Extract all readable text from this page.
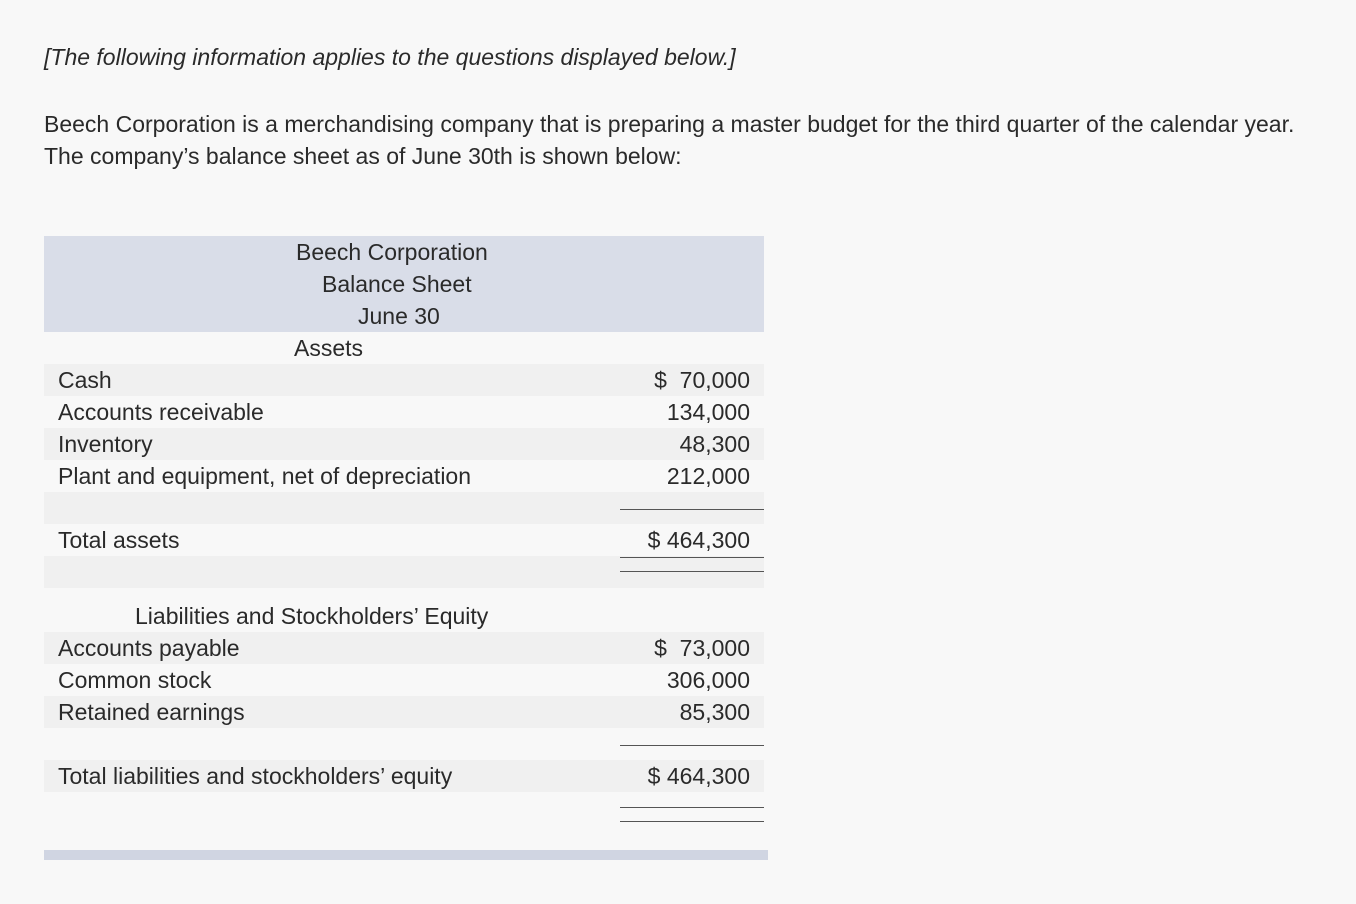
[The following information applies to the questions displayed below.]
Beech Corporation is a merchandising company that is preparing a master budget for the third quarter of the calendar year. The company’s balance sheet as of June 30th is shown below:
Beech Corporation
Balance Sheet
June 30
Assets
Cash	$  70,000
Accounts receivable	134,000
Inventory	48,300
Plant and equipment, net of depreciation	212,000
Total assets	$ 464,300
Liabilities and Stockholders’ Equity
Accounts payable	$  73,000
Common stock	306,000
Retained earnings	85,300
Total liabilities and stockholders’ equity	$ 464,300
